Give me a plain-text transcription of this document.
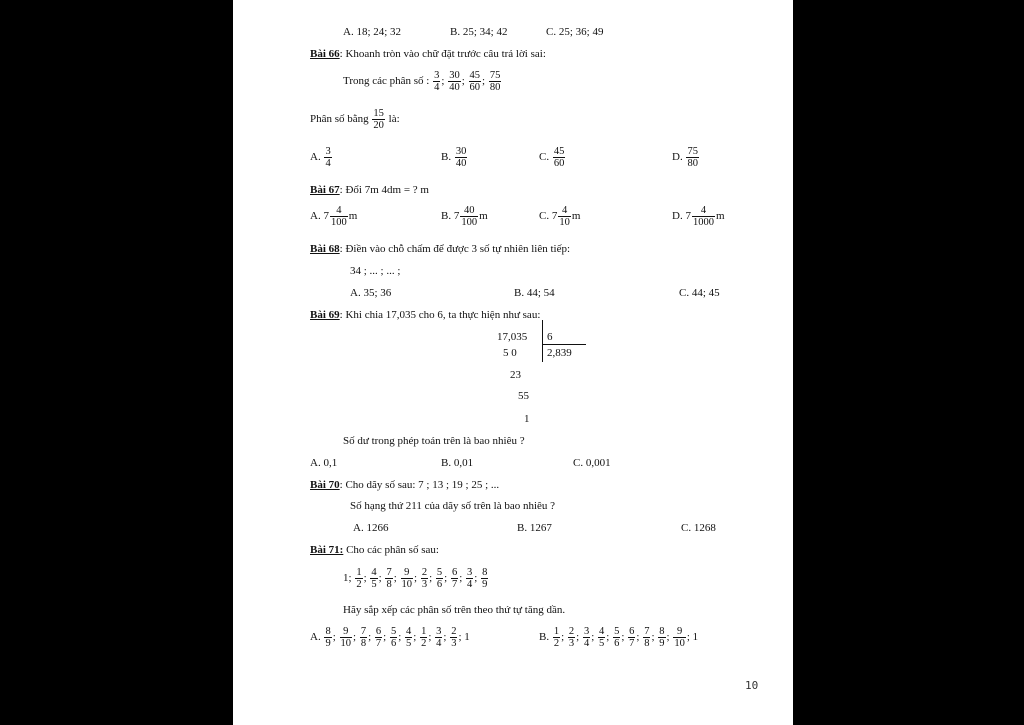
A. 18; 24; 32	B. 25; 34; 42	C. 25; 36; 49
Bài 66: Khoanh tròn vào chữ đặt trước câu trả lời sai:
Trong các phân số : $\frac{3}{4}$ ; $\frac{30}{40}$ ; $\frac{45}{60}$ ; $\frac{75}{80}$
Phân số bằng $\frac{15}{20}$ là:
A. $\frac{3}{4}$	B. $\frac{30}{40}$	C. $\frac{45}{60}$	D. $\frac{75}{80}$
Bài 67: Đổi 7m 4dm = ? m
A. $7 \frac{4}{100}$ m	B. $7 \frac{40}{100}$ m	C. $7 \frac{4}{10}$ m	D. $7 \frac{4}{1000}$ m
Bài 68: Điền vào chỗ chấm để được 3 số tự nhiên liên tiếp:
34 ; ... ; ... ;
A. 35; 36	B. 44; 54	C. 44; 45
Bài 69: Khi chia 17,035 cho 6, ta thực hiện như sau:
17,035 6
2,839
5 0
23
55
1
Số dư trong phép toán trên là bao nhiêu ?
A. 0,1	B. 0,01	C. 0,001
Bài 70: Cho dãy số sau: 7 ; 13 ; 19 ; 25 ; ...
Số hạng thứ 211 của dãy số trên là bao nhiêu ?
A. 1266	B. 1267	C. 1268
Bài 71: Cho các phân số sau:
1; $\frac{1}{2}$ ; $\frac{4}{5}$ ; $\frac{7}{8}$ ; $\frac{9}{10}$ ; $\frac{2}{3}$ ; $\frac{5}{6}$ ; $\frac{6}{7}$ ; $\frac{3}{4}$ ; $\frac{8}{9}$
Hãy sắp xếp các phân số trên theo thứ tự tăng dần.
A. $\frac{8}{9}$ ; $\frac{9}{10}$ ; $\frac{7}{8}$ ; $\frac{6}{7}$ ; $\frac{5}{6}$ ; $\frac{4}{5}$ ; $\frac{1}{2}$ ; $\frac{3}{4}$ ; $\frac{2}{3}$ ; 1	B. $\frac{1}{2}$ ; $\frac{2}{3}$ ; $\frac{3}{4}$ ; $\frac{4}{5}$ ; $\frac{5}{6}$ ; $\frac{6}{7}$ ; $\frac{7}{8}$ ; $\frac{8}{9}$ ; $\frac{9}{10}$ ; 1
10
